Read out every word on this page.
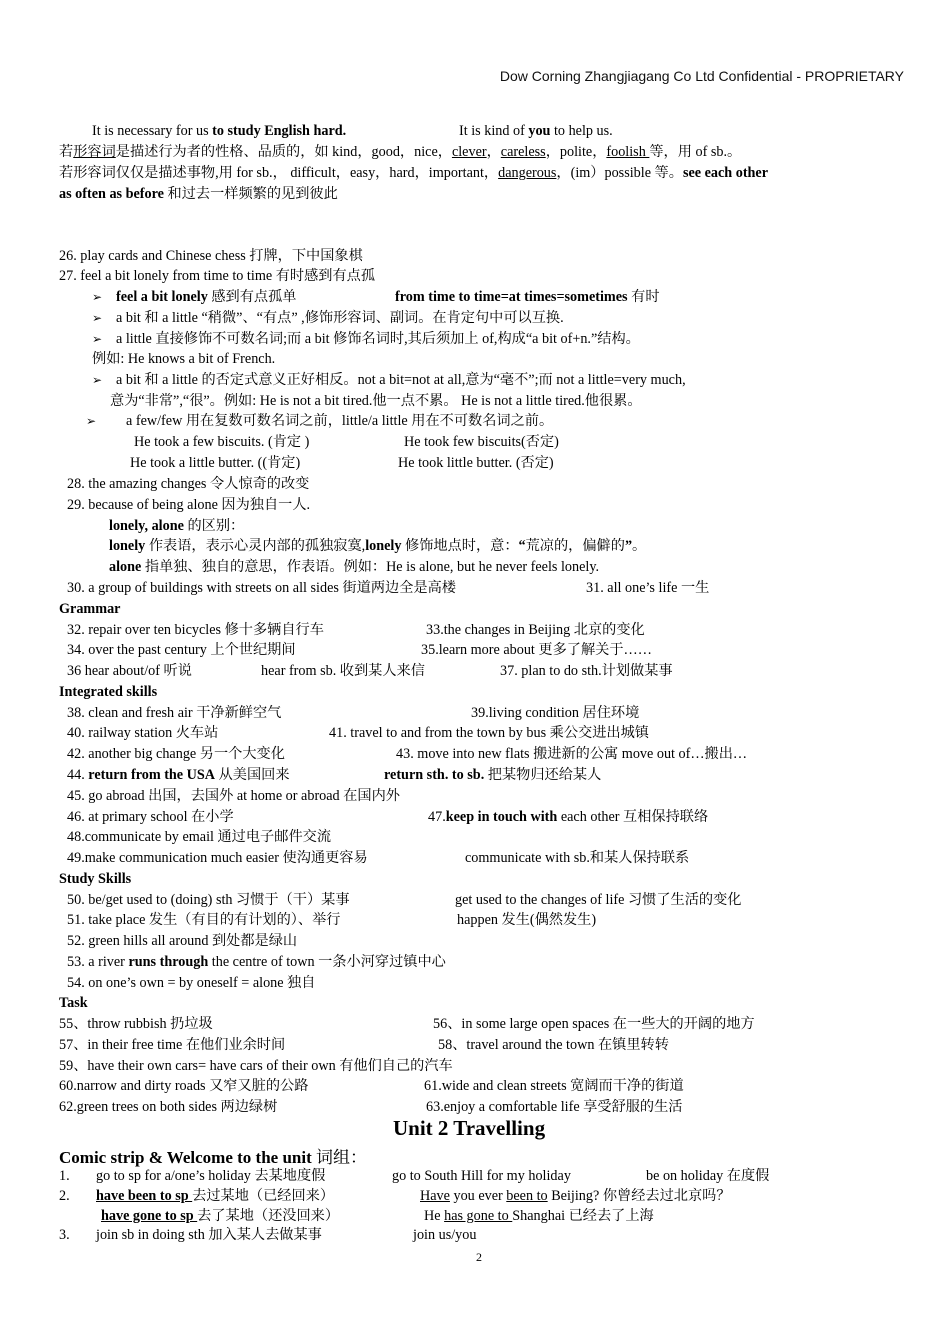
Dow Corning Zhangjiagang Co Ltd Confidential - PROPRIETARY
It is necessary for us to study English hard.	It is kind of you to help us.
若形容词是描述行为者的性格、品质的，如 kind，good，nice，clever，careless，polite，foolish 等，用 of sb.。
若形容词仅仅是描述事物,用 for sb.， difficult，easy，hard，important，dangerous，(im）possible 等。see each other
as often as before 和过去一样频繁的见到彼此
26. play cards and Chinese chess 打牌，下中国象棋
27. feel a bit lonely from time to time 有时感到有点孤
➢ feel a bit lonely 感到有点孤单	from time to time=at times=sometimes 有时
➢ a bit 和 a little “稍微”、“有点” ,修饰形容词、副词。在肯定句中可以互换.
➢ a little 直接修饰不可数名词;而 a bit 修饰名词时,其后须加上 of,构成“a bit of+n.”结构。
例如: He knows a bit of French.
➢ a bit 和 a little 的否定式意义正好相反。not a bit=not at all,意为“毫不”;而 not a little=very much,
意为“非常”,“很”。例如: He is not a bit tired.他一点不累。 He is not a little tired.他很累。
➢ a few/few 用在复数可数名词之前，little/a little 用在不可数名词之前。
He took a few biscuits. (肯定 )	He took few biscuits(否定)
He took a little butter. ((肯定)	He took little butter. (否定)
28. the amazing changes 令人惊奇的改变
29. because of being alone 因为独自一人.
lonely, alone 的区别：
lonely 作表语，表示心灵内部的孤独寂寞,lonely 修饰地点时，意：“荒凉的，偏僻的”。
alone 指单独、独自的意思，作表语。例如：He is alone, but he never feels lonely.
30. a group of buildings with streets on all sides 街道两边全是高楼	31. all one’s life 一生
Grammar
32. repair over ten bicycles 修十多辆自行车	33.the changes in Beijing 北京的变化
34. over the past century 上个世纪期间	35.learn more about 更多了解关于……
36 hear about/of 听说	hear from sb. 收到某人来信	37. plan to do sth.计划做某事
Integrated skills
38. clean and fresh air 干净新鲜空气	39.living condition 居住环境
40. railway station 火车站	41. travel to and from the town by bus 乘公交进出城镇
42. another big change 另一个大变化	43. move into new flats 搬进新的公寓 move out of…搬出…
44. return from the USA 从美国回来	return sth. to sb. 把某物归还给某人
45. go abroad 出国，去国外 at home or abroad 在国内外
46. at primary school 在小学	47.keep in touch with each other 互相保持联络
48.communicate by email 通过电子邮件交流
49.make communication much easier 使沟通更容易	communicate with sb.和某人保持联系
Study Skills
50. be/get used to (doing) sth 习惯于（干）某事	get used to the changes of life 习惯了生活的变化
51. take place 发生（有目的有计划的）、举行	happen 发生(偶然发生)
52. green hills all around 到处都是绿山
53. a river runs through the centre of town 一条小河穿过镇中心
54. on one’s own = by oneself = alone 独自
Task
55、throw rubbish 扔垃圾	56、in some large open spaces 在一些大的开阔的地方
57、in their free time 在他们业余时间	58、travel around the town 在镇里转转
59、have their own cars= have cars of their own 有他们自己的汽车
60.narrow and dirty roads 又窄又脏的公路	61.wide and clean streets 宽阔而干净的街道
62.green trees on both sides 两边绿树	63.enjoy a comfortable life 享受舒服的生活
Unit 2 Travelling
Comic strip & Welcome to the unit 词组：
1. go to sp for a/one’s holiday 去某地度假	go to South Hill for my holiday	be on holiday 在度假
2. have been to sp 去过某地（已经回来）	Have you ever been to Beijing? 你曾经去过北京吗？
have gone to sp 去了某地（还没回来）	He has gone to Shanghai 已经去了上海
3. join sb in doing sth 加入某人去做某事	join us/you
2
